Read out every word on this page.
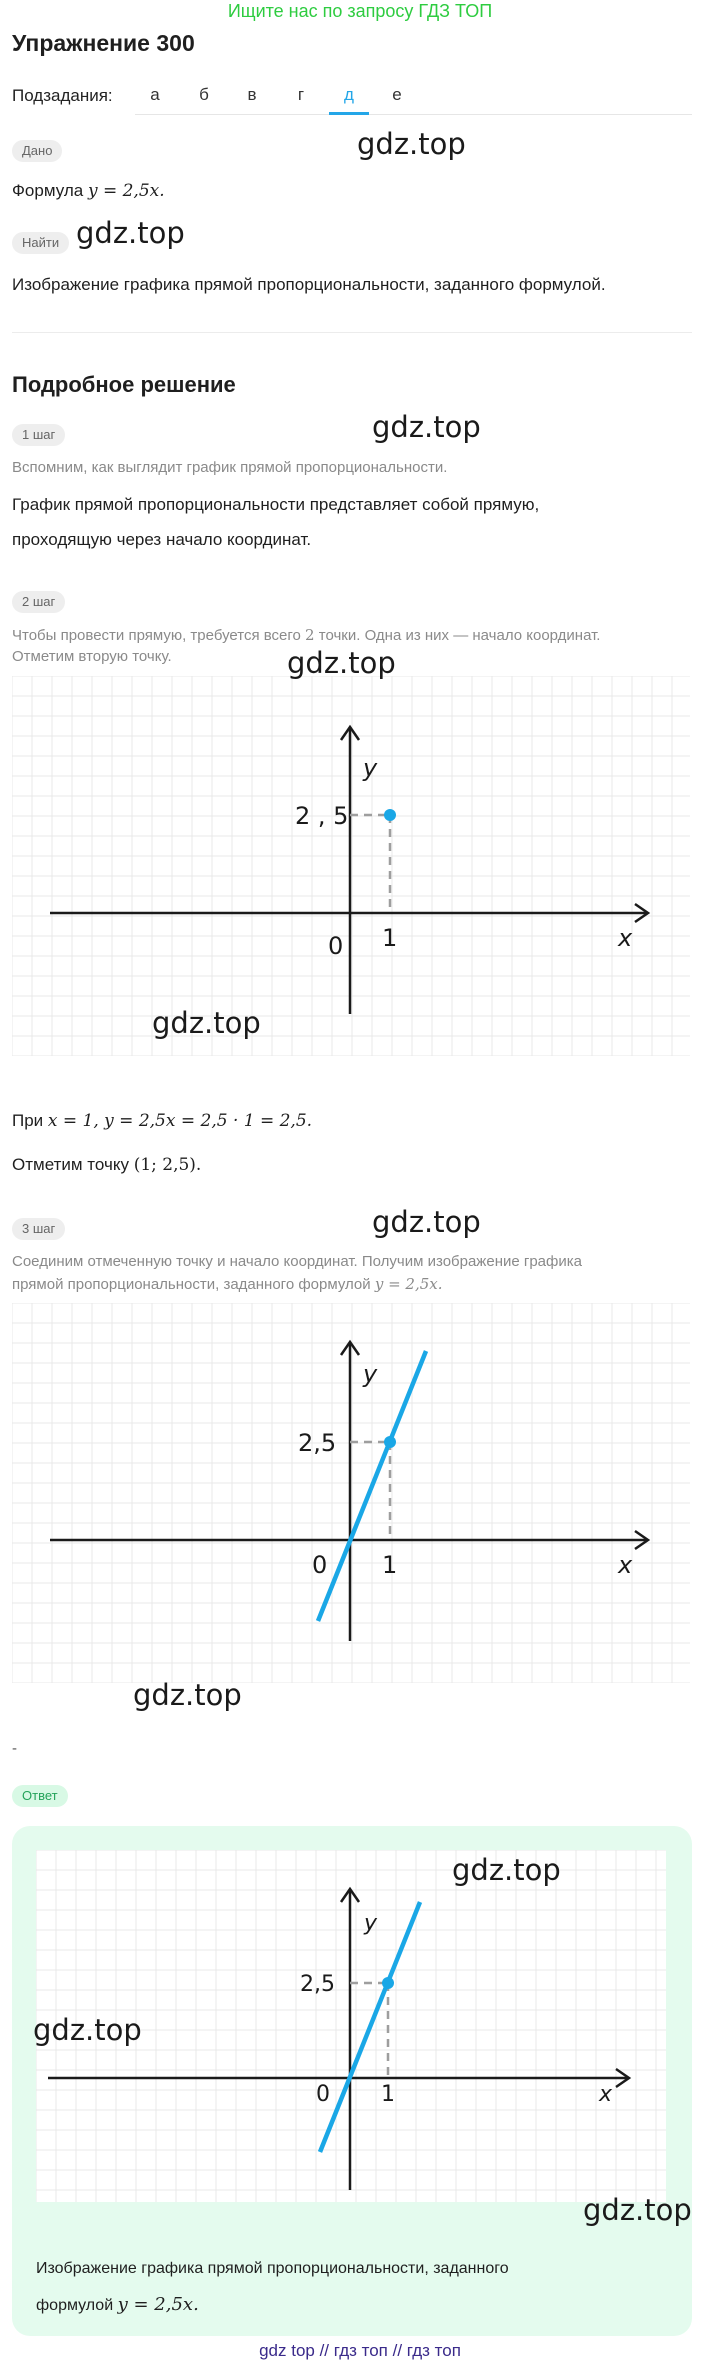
Ищите нас по запросу ГДЗ ТОП
Упражнение 300
Подзадания:	а	б	в	г	д	е
Дано
Формула y = 2,5x.
Найти
Изображение графика прямой пропорциональности, заданного формулой.
Подробное решение
1 шаг
Вспомним, как выглядит график прямой пропорциональности.
График прямой пропорциональности представляет собой прямую,
проходящую через начало координат.
2 шаг
Чтобы провести прямую, требуется всего 2 точки. Одна из них — начало координат.
Отметим вторую точку.
y
x
0 1
2 , 5
При x = 1, y = 2,5x = 2,5 · 1 = 2,5.
Отметим точку (1; 2,5).
3 шаг
Соединим отмеченную точку и начало координат. Получим изображение графика
прямой пропорциональности, заданного формулой y = 2,5x.
y
x
0 1
2,5
-
Ответ
y
x
0 1
2,5
Изображение графика прямой пропорциональности, заданного
формулой y = 2,5x.
gdz.top
gdz.top
gdz.top
gdz.top
gdz.top
gdz.top
gdz.top
gdz.top
gdz.top
gdz.top
gdz top // гдз топ // гдз топ
